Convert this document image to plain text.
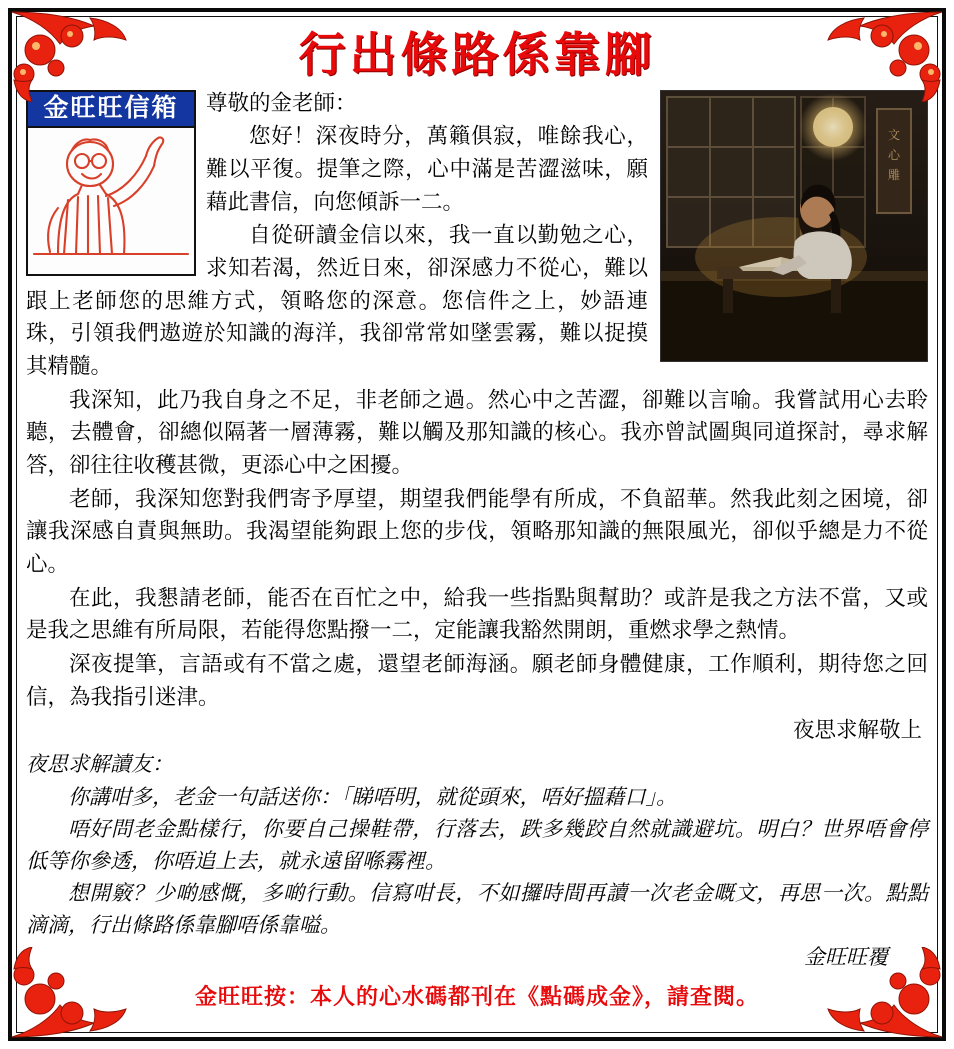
行出條路係靠腳
金旺旺信箱
文
心
雕

尊敬的金老師：

您好！深夜時分，萬籟俱寂，唯餘我心，難以平復。提筆之際，心中滿是苦澀滋味，願藉此書信，向您傾訴一二。

自從研讀金信以來，我一直以勤勉之心，求知若渴，然近日來，卻深感力不從心，難以跟上老師您的思維方式，領略您的深意。您信件之上，妙語連珠，引領我們遨遊於知識的海洋，我卻常常如墜雲霧，難以捉摸其精髓。

我深知，此乃我自身之不足，非老師之過。然心中之苦澀，卻難以言喻。我嘗試用心去聆聽，去體會，卻總似隔著一層薄霧，難以觸及那知識的核心。我亦曾試圖與同道探討，尋求解答，卻往往收穫甚微，更添心中之困擾。

老師，我深知您對我們寄予厚望，期望我們能學有所成，不負韶華。然我此刻之困境，卻讓我深感自責與無助。我渴望能夠跟上您的步伐，領略那知識的無限風光，卻似乎總是力不從心。

在此，我懇請老師，能否在百忙之中，給我一些指點與幫助？或許是我之方法不當，又或是我之思維有所局限，若能得您點撥一二，定能讓我豁然開朗，重燃求學之熱情。

深夜提筆，言語或有不當之處，還望老師海涵。願老師身體健康，工作順利，期待您之回信，為我指引迷津。

夜思求解敬上

夜思求解讀友：

你講咁多，老金一句話送你：「睇唔明，就從頭來，唔好搵藉口」。

唔好問老金點樣行，你要自己操鞋帶，行落去，跌多幾跤自然就識避坑。明白？世界唔會停低等你參透，你唔追上去，就永遠留喺霧裡。

想開竅？少啲感慨，多啲行動。信寫咁長，不如攞時間再讀一次老金嘅文，再思一次。點點滴滴，行出條路係靠腳唔係靠嗌。

金旺旺覆

金旺旺按：本人的心水碼都刊在《點碼成金》，請查閱。
